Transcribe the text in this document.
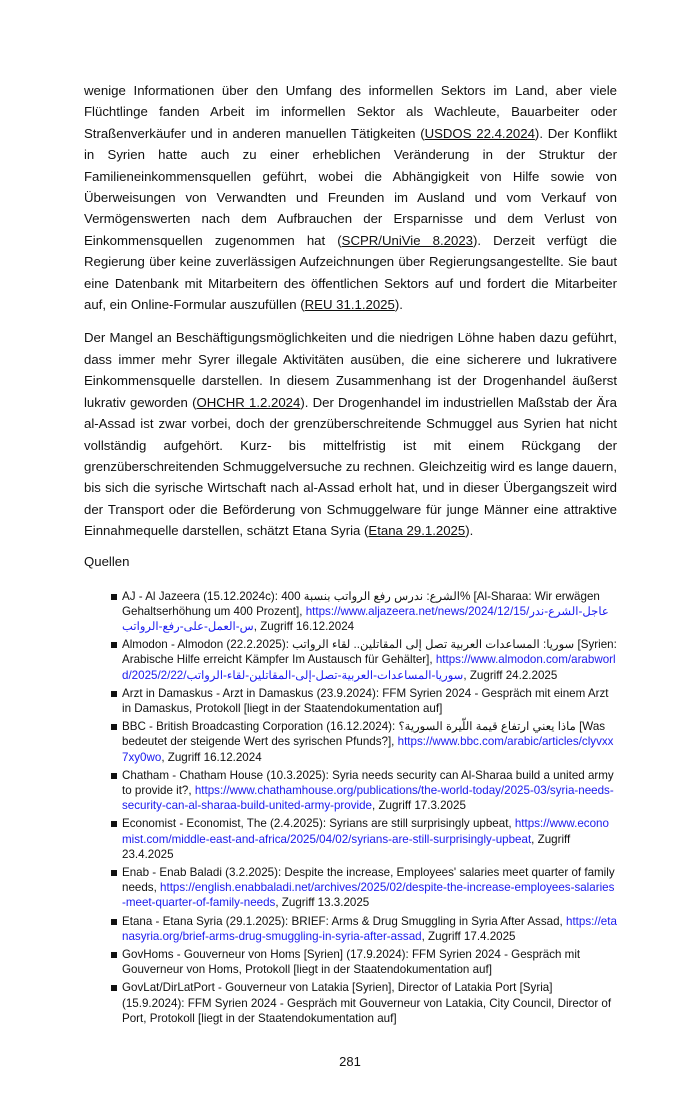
wenige Informationen über den Umfang des informellen Sektors im Land, aber viele Flüchtlinge fanden Arbeit im informellen Sektor als Wachleute, Bauarbeiter oder Straßenverkäufer und in anderen manuellen Tätigkeiten (USDOS 22.4.2024). Der Konflikt in Syrien hatte auch zu einer erheblichen Veränderung in der Struktur der Familieneinkommensquellen geführt, wobei die Abhängigkeit von Hilfe sowie von Überweisungen von Verwandten und Freunden im Ausland und vom Verkauf von Vermögenswerten nach dem Aufbrauchen der Ersparnisse und dem Verlust von Einkommensquellen zugenommen hat (SCPR/UniVie 8.2023). Derzeit verfügt die Regierung über keine zuverlässigen Aufzeichnungen über Regierungsangestellte. Sie baut eine Datenbank mit Mitarbeitern des öffentlichen Sektors auf und fordert die Mitarbeiter auf, ein Online-Formular auszufüllen (REU 31.1.2025).

Der Mangel an Beschäftigungsmöglichkeiten und die niedrigen Löhne haben dazu geführt, dass immer mehr Syrer illegale Aktivitäten ausüben, die eine sicherere und lukrativere Einkommensquelle darstellen. In diesem Zusammenhang ist der Drogenhandel äußerst lukrativ geworden (OHCHR 1.2.2024). Der Drogenhandel im industriellen Maßstab der Ära al-Assad ist zwar vorbei, doch der grenzüberschreitende Schmuggel aus Syrien hat nicht vollständig aufgehört. Kurz- bis mittelfristig ist mit einem Rückgang der grenzüberschreitenden Schmuggelversuche zu rechnen. Gleichzeitig wird es lange dauern, bis sich die syrische Wirtschaft nach al-Assad erholt hat, und in dieser Übergangszeit wird der Transport oder die Beförderung von Schmuggelware für junge Männer eine attraktive Einnahmequelle darstellen, schätzt Etana Syria (Etana 29.1.2025).

Quellen
AJ - Al Jazeera (15.12.2024c): الشرع: ندرس رفع الرواتب بنسبة 400% [Al-Sharaa: Wir erwägen Gehaltserhöhung um 400 Prozent], https://www.aljazeera.net/news/2024/12/15/عاجل-الشرع-ندرس-العمل-على-رفع-الرواتب, Zugriff 16.12.2024
Almodon - Almodon (22.2.2025): سوريا: المساعدات العربية تصل إلى المقاتلين.. لقاء الرواتب [Syrien: Arabische Hilfe erreicht Kämpfer Im Austausch für Gehälter], https://www.almodon.com/arabworld/2025/2/22/سوريا-المساعدات-العربية-تصل-إلى-المقاتلين-لقاء-الرواتب, Zugriff 24.2.2025
Arzt in Damaskus - Arzt in Damaskus (23.9.2024): FFM Syrien 2024 - Gespräch mit einem Arzt in Damaskus, Protokoll [liegt in der Staatendokumentation auf]
BBC - British Broadcasting Corporation (16.12.2024): ماذا يعني ارتفاع قيمة اللّيرة السورية؟ [Was bedeutet der steigende Wert des syrischen Pfunds?], https://www.bbc.com/arabic/articles/clyvxx7xy0wo, Zugriff 16.12.2024
Chatham - Chatham House (10.3.2025): Syria needs security can Al-Sharaa build a united army to provide it?, https://www.chathamhouse.org/publications/the-world-today/2025-03/syria-needs-security-can-al-sharaa-build-united-army-provide, Zugriff 17.3.2025
Economist - Economist, The (2.4.2025): Syrians are still surprisingly upbeat, https://www.economist.com/middle-east-and-africa/2025/04/02/syrians-are-still-surprisingly-upbeat, Zugriff 23.4.2025
Enab - Enab Baladi (3.2.2025): Despite the increase, Employees' salaries meet quarter of family needs, https://english.enabbaladi.net/archives/2025/02/despite-the-increase-employees-salaries-meet-quarter-of-family-needs, Zugriff 13.3.2025
Etana - Etana Syria (29.1.2025): BRIEF: Arms & Drug Smuggling in Syria After Assad, https://etanasyria.org/brief-arms-drug-smuggling-in-syria-after-assad, Zugriff 17.4.2025
GovHoms - Gouverneur von Homs [Syrien] (17.9.2024): FFM Syrien 2024 - Gespräch mit Gouverneur von Homs, Protokoll [liegt in der Staatendokumentation auf]
GovLat/DirLatPort - Gouverneur von Latakia [Syrien], Director of Latakia Port [Syria] (15.9.2024): FFM Syrien 2024 - Gespräch mit Gouverneur von Latakia, City Council, Director of Port, Protokoll [liegt in der Staatendokumentation auf]
281
